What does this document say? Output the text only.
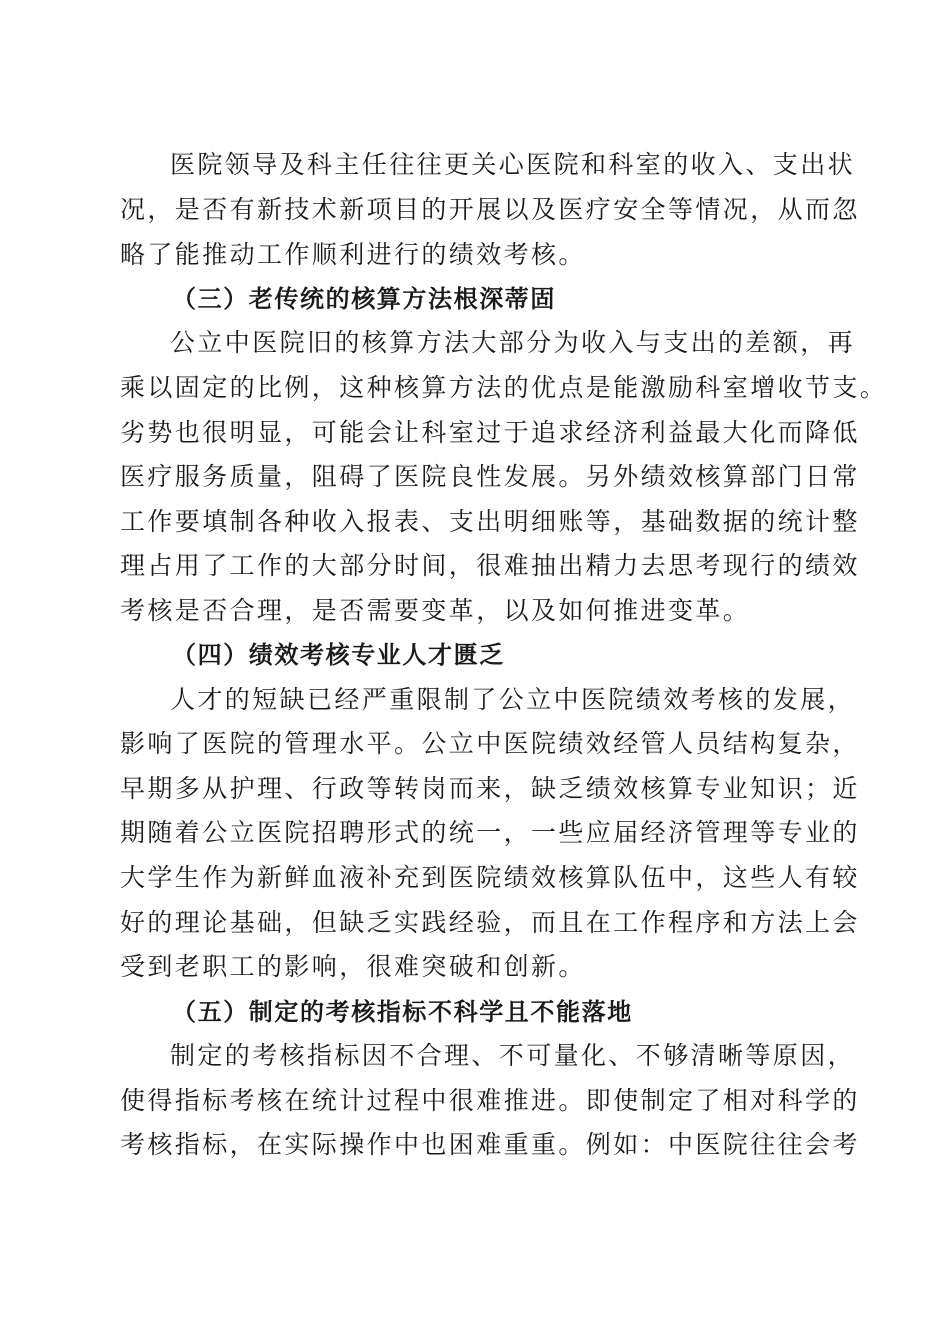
医院领导及科主任往往更关心医院和科室的收入、支出状
况，是否有新技术新项目的开展以及医疗安全等情况，从而忽
略了能推动工作顺利进行的绩效考核。
（三）老传统的核算方法根深蒂固
公立中医院旧的核算方法大部分为收入与支出的差额，再
乘以固定的比例，这种核算方法的优点是能激励科室增收节支。
劣势也很明显，可能会让科室过于追求经济利益最大化而降低
医疗服务质量，阻碍了医院良性发展。另外绩效核算部门日常
工作要填制各种收入报表、支出明细账等，基础数据的统计整
理占用了工作的大部分时间，很难抽出精力去思考现行的绩效
考核是否合理，是否需要变革，以及如何推进变革。
（四）绩效考核专业人才匮乏
人才的短缺已经严重限制了公立中医院绩效考核的发展，
影响了医院的管理水平。公立中医院绩效经管人员结构复杂，
早期多从护理、行政等转岗而来，缺乏绩效核算专业知识；近
期随着公立医院招聘形式的统一，一些应届经济管理等专业的
大学生作为新鲜血液补充到医院绩效核算队伍中，这些人有较
好的理论基础，但缺乏实践经验，而且在工作程序和方法上会
受到老职工的影响，很难突破和创新。
（五）制定的考核指标不科学且不能落地
制定的考核指标因不合理、不可量化、不够清晰等原因，
使得指标考核在统计过程中很难推进。即使制定了相对科学的
考核指标，在实际操作中也困难重重。例如：中医院往往会考
